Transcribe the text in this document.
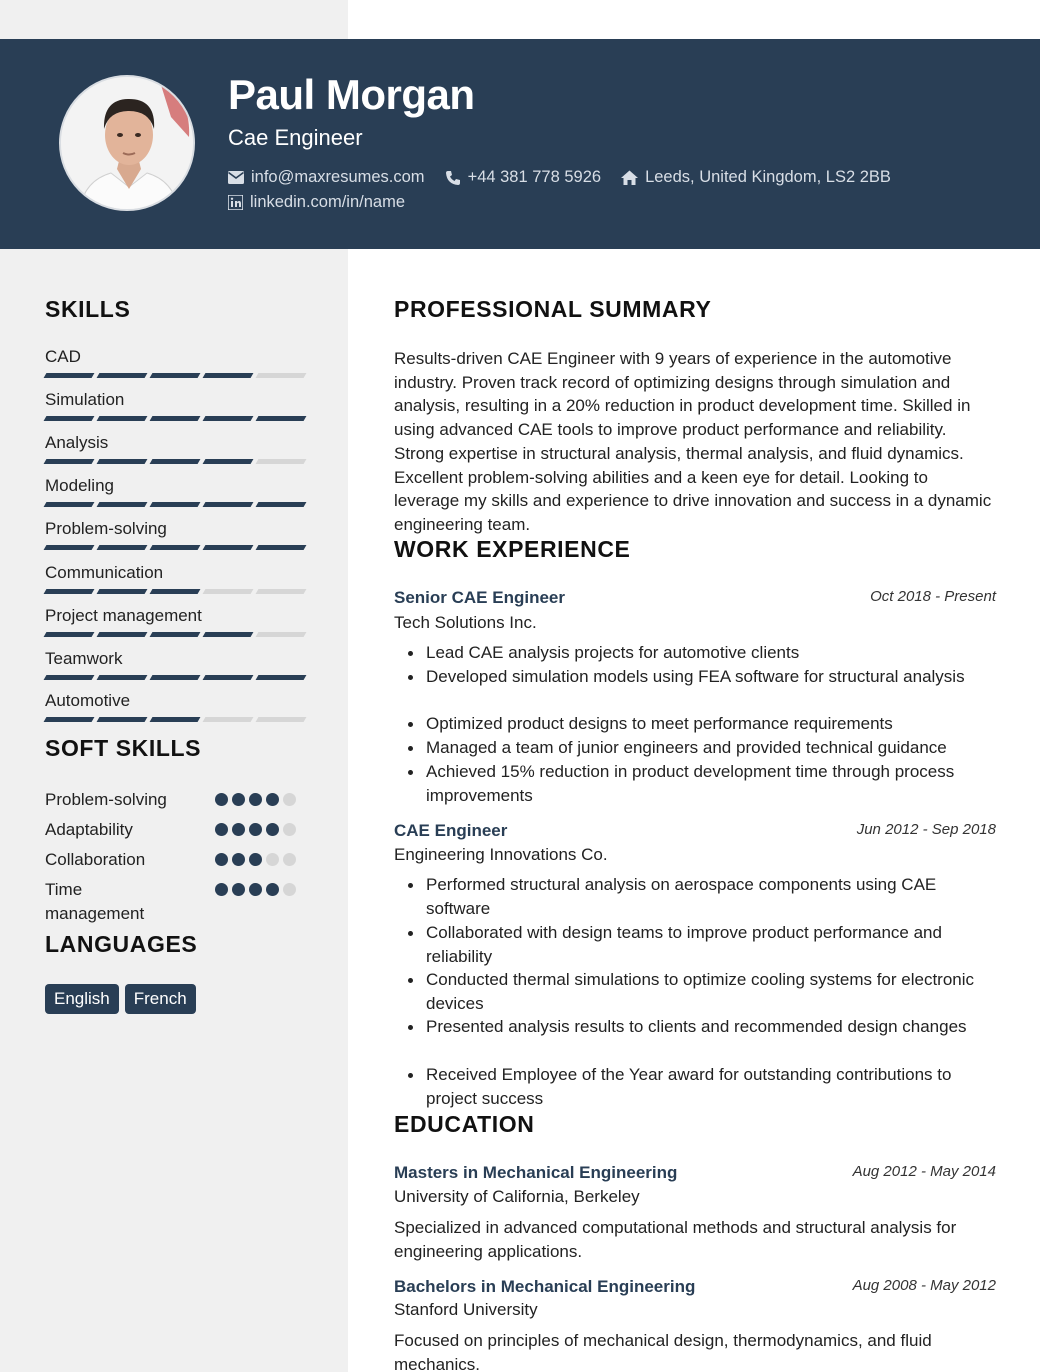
Paul Morgan
Cae Engineer
info@maxresumes.com	+44 381 778 5926	Leeds, United Kingdom, LS2 2BB
linkedin.com/in/name
SKILLS
CAD
Simulation
Analysis
Modeling
Problem-solving
Communication
Project management
Teamwork
Automotive
SOFT SKILLS
Problem-solving
Adaptability
Collaboration
Time management
LANGUAGES
English	French
PROFESSIONAL SUMMARY
Results-driven CAE Engineer with 9 years of experience in the automotive industry. Proven track record of optimizing designs through simulation and analysis, resulting in a 20% reduction in product development time. Skilled in using advanced CAE tools to improve product performance and reliability. Strong expertise in structural analysis, thermal analysis, and fluid dynamics. Excellent problem-solving abilities and a keen eye for detail. Looking to leverage my skills and experience to drive innovation and success in a dynamic engineering team.
WORK EXPERIENCE
Senior CAE Engineer	Oct 2018 - Present
Tech Solutions Inc.
Lead CAE analysis projects for automotive clients
Developed simulation models using FEA software for structural analysis
Optimized product designs to meet performance requirements
Managed a team of junior engineers and provided technical guidance
Achieved 15% reduction in product development time through process improvements
CAE Engineer	Jun 2012 - Sep 2018
Engineering Innovations Co.
Performed structural analysis on aerospace components using CAE software
Collaborated with design teams to improve product performance and reliability
Conducted thermal simulations to optimize cooling systems for electronic devices
Presented analysis results to clients and recommended design changes
Received Employee of the Year award for outstanding contributions to project success
EDUCATION
Masters in Mechanical Engineering	Aug 2012 - May 2014
University of California, Berkeley
Specialized in advanced computational methods and structural analysis for engineering applications.
Bachelors in Mechanical Engineering	Aug 2008 - May 2012
Stanford University
Focused on principles of mechanical design, thermodynamics, and fluid mechanics.
